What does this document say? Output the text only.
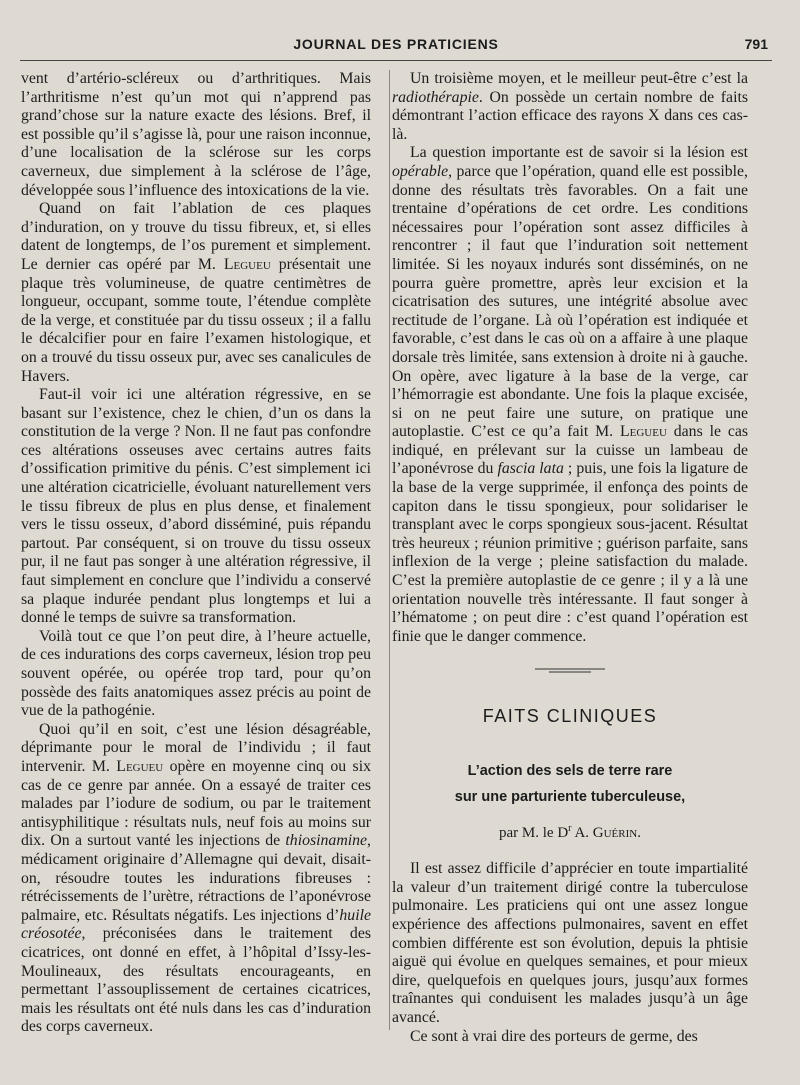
JOURNAL DES PRATICIENS	791

vent d’artério-scléreux ou d’arthritiques. Mais l’arthritisme n’est qu’un mot qui n’apprend pas grand’chose sur la nature exacte des lésions. Bref, il est possible qu’il s’agisse là, pour une raison inconnue, d’une localisation de la sclérose sur les corps caverneux, due simplement à la sclérose de l’âge, développée sous l’influence des intoxications de la vie.

Quand on fait l’ablation de ces plaques d’induration, on y trouve du tissu fibreux, et, si elles datent de longtemps, de l’os purement et simplement. Le dernier cas opéré par M. Legueu présentait une plaque très volumineuse, de quatre centimètres de longueur, occupant, somme toute, l’étendue complète de la verge, et constituée par du tissu osseux ; il a fallu le décalcifier pour en faire l’examen histologique, et on a trouvé du tissu osseux pur, avec ses canalicules de Havers.

Faut-il voir ici une altération régressive, en se basant sur l’existence, chez le chien, d’un os dans la constitution de la verge ? Non. Il ne faut pas confondre ces altérations osseuses avec certains autres faits d’ossification primitive du pénis. C’est simplement ici une altération cicatricielle, évoluant naturellement vers le tissu fibreux de plus en plus dense, et finalement vers le tissu osseux, d’abord disséminé, puis répandu partout. Par conséquent, si on trouve du tissu osseux pur, il ne faut pas songer à une altération régressive, il faut simplement en conclure que l’individu a conservé sa plaque indurée pendant plus longtemps et lui a donné le temps de suivre sa transformation.

Voilà tout ce que l’on peut dire, à l’heure actuelle, de ces indurations des corps caverneux, lésion trop peu souvent opérée, ou opérée trop tard, pour qu’on possède des faits anatomiques assez précis au point de vue de la pathogénie.

Quoi qu’il en soit, c’est une lésion désagréable, déprimante pour le moral de l’individu ; il faut intervenir. M. Legueu opère en moyenne cinq ou six cas de ce genre par année. On a essayé de traiter ces malades par l’iodure de sodium, ou par le traitement antisyphilitique : résultats nuls, neuf fois au moins sur dix. On a surtout vanté les injections de thiosinamine, médicament originaire d’Allemagne qui devait, disait-on, résoudre toutes les indurations fibreuses : rétrécissements de l’urètre, rétractions de l’aponévrose palmaire, etc. Résultats négatifs. Les injections d’huile créosotée, préconisées dans le traitement des cicatrices, ont donné en effet, à l’hôpital d’Issy-les-Moulineaux, des résultats encourageants, en permettant l’assouplissement de certaines cicatrices, mais les résultats ont été nuls dans les cas d’induration des corps caverneux.

Un troisième moyen, et le meilleur peut-être c’est la radiothérapie. On possède un certain nombre de faits démontrant l’action efficace des rayons X dans ces cas-là.

La question importante est de savoir si la lésion est opérable, parce que l’opération, quand elle est possible, donne des résultats très favorables. On a fait une trentaine d’opérations de cet ordre. Les conditions nécessaires pour l’opération sont assez difficiles à rencontrer ; il faut que l’induration soit nettement limitée. Si les noyaux indurés sont disséminés, on ne pourra guère promettre, après leur excision et la cicatrisation des sutures, une intégrité absolue avec rectitude de l’organe. Là où l’opération est indiquée et favorable, c’est dans le cas où on a affaire à une plaque dorsale très limitée, sans extension à droite ni à gauche. On opère, avec ligature à la base de la verge, car l’hémorragie est abondante. Une fois la plaque excisée, si on ne peut faire une suture, on pratique une autoplastie. C’est ce qu’a fait M. Legueu dans le cas indiqué, en prélevant sur la cuisse un lambeau de l’aponévrose du fascia lata ; puis, une fois la ligature de la base de la verge supprimée, il enfonça des points de capiton dans le tissu spongieux, pour solidariser le transplant avec le corps spongieux sous-jacent. Résultat très heureux ; réunion primitive ; guérison parfaite, sans inflexion de la verge ; pleine satisfaction du malade. C’est la première autoplastie de ce genre ; il y a là une orientation nouvelle très intéressante. Il faut songer à l’hématome ; on peut dire : c’est quand l’opération est finie que le danger commence.

FAITS CLINIQUES
L’action des sels de terre rare
sur une parturiente tuberculeuse,
par M. le $D^r$ A. Guérin.

Il est assez difficile d’apprécier en toute impartialité la valeur d’un traitement dirigé contre la tuberculose pulmonaire. Les praticiens qui ont une assez longue expérience des affections pulmonaires, savent en effet combien différente est son évolution, depuis la phtisie aiguë qui évolue en quelques semaines, et pour mieux dire, quelquefois en quelques jours, jusqu’aux formes traînantes qui conduisent les malades jusqu’à un âge avancé.

Ce sont à vrai dire des porteurs de germe, des
